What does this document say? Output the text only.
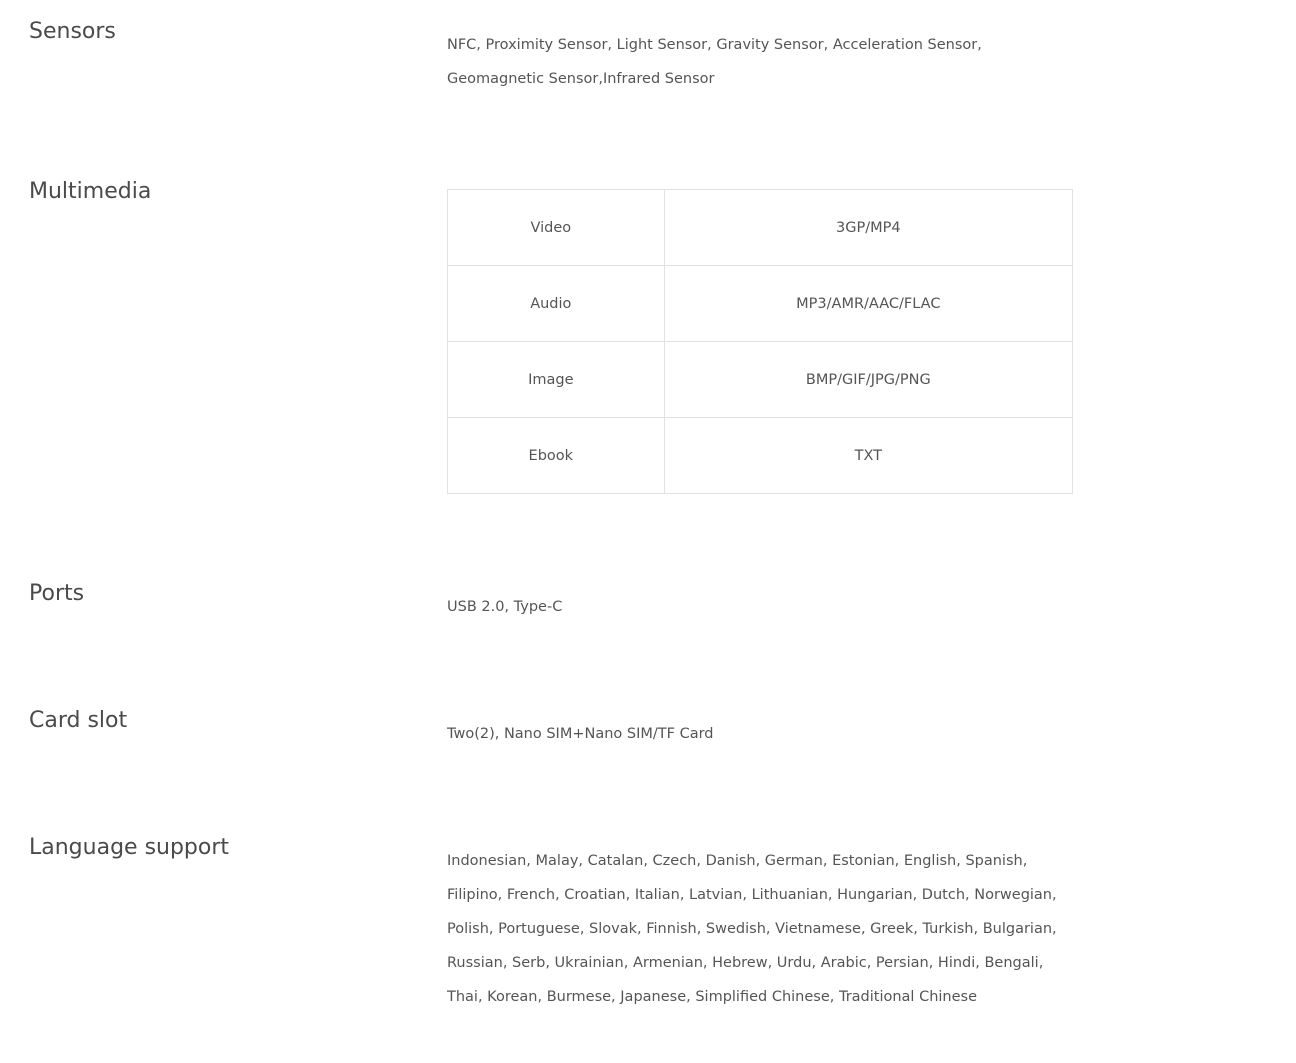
Sensors

NFC, Proximity Sensor, Light Sensor, Gravity Sensor, Acceleration Sensor, Geomagnetic Sensor,Infrared Sensor

Multimedia
Video	3GP/MP4
Audio	MP3/AMR/AAC/FLAC
Image	BMP/GIF/JPG/PNG
Ebook	TXT
Ports

USB 2.0, Type-C

Card slot

Two(2), Nano SIM+Nano SIM/TF Card

Language support

Indonesian, Malay, Catalan, Czech, Danish, German, Estonian, English, Spanish, Filipino, French, Croatian, Italian, Latvian, Lithuanian, Hungarian, Dutch, Norwegian, Polish, Portuguese, Slovak, Finnish, Swedish, Vietnamese, Greek, Turkish, Bulgarian, Russian, Serb, Ukrainian, Armenian, Hebrew, Urdu, Arabic, Persian, Hindi, Bengali, Thai, Korean, Burmese, Japanese, Simplified Chinese, Traditional Chinese
